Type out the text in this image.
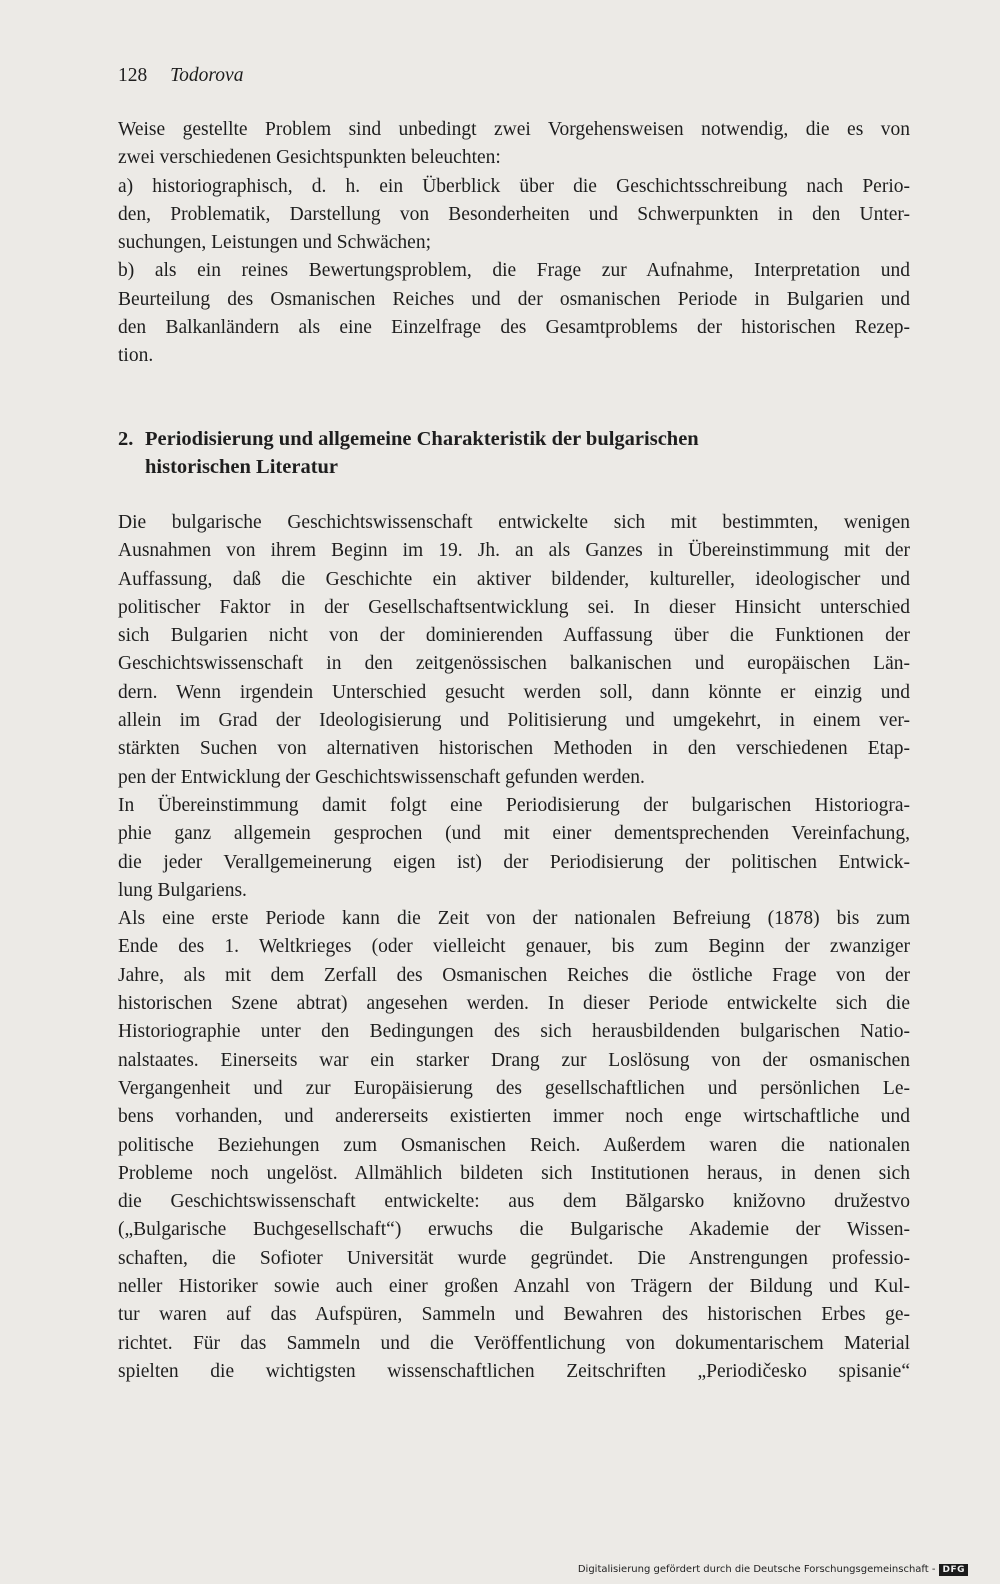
128 Todorova
Weise gestellte Problem sind unbedingt zwei Vorgehensweisen notwendig, die es von
zwei verschiedenen Gesichtspunkten beleuchten:
a) historiographisch, d. h. ein Überblick über die Geschichtsschreibung nach Perio-
den, Problematik, Darstellung von Besonderheiten und Schwerpunkten in den Unter-
suchungen, Leistungen und Schwächen;
b) als ein reines Bewertungsproblem, die Frage zur Aufnahme, Interpretation und
Beurteilung des Osmanischen Reiches und der osmanischen Periode in Bulgarien und
den Balkanländern als eine Einzelfrage des Gesamtproblems der historischen Rezep-
tion.
2. Periodisierung und allgemeine Charakteristik der bulgarischen
historischen Literatur
Die bulgarische Geschichtswissenschaft entwickelte sich mit bestimmten, wenigen
Ausnahmen von ihrem Beginn im 19. Jh. an als Ganzes in Übereinstimmung mit der
Auffassung, daß die Geschichte ein aktiver bildender, kultureller, ideologischer und
politischer Faktor in der Gesellschaftsentwicklung sei. In dieser Hinsicht unterschied
sich Bulgarien nicht von der dominierenden Auffassung über die Funktionen der
Geschichtswissenschaft in den zeitgenössischen balkanischen und europäischen Län-
dern. Wenn irgendein Unterschied gesucht werden soll, dann könnte er einzig und
allein im Grad der Ideologisierung und Politisierung und umgekehrt, in einem ver-
stärkten Suchen von alternativen historischen Methoden in den verschiedenen Etap-
pen der Entwicklung der Geschichtswissenschaft gefunden werden.
In Übereinstimmung damit folgt eine Periodisierung der bulgarischen Historiogra-
phie ganz allgemein gesprochen (und mit einer dementsprechenden Vereinfachung,
die jeder Verallgemeinerung eigen ist) der Periodisierung der politischen Entwick-
lung Bulgariens.
Als eine erste Periode kann die Zeit von der nationalen Befreiung (1878) bis zum
Ende des 1. Weltkrieges (oder vielleicht genauer, bis zum Beginn der zwanziger
Jahre, als mit dem Zerfall des Osmanischen Reiches die östliche Frage von der
historischen Szene abtrat) angesehen werden. In dieser Periode entwickelte sich die
Historiographie unter den Bedingungen des sich herausbildenden bulgarischen Natio-
nalstaates. Einerseits war ein starker Drang zur Loslösung von der osmanischen
Vergangenheit und zur Europäisierung des gesellschaftlichen und persönlichen Le-
bens vorhanden, und andererseits existierten immer noch enge wirtschaftliche und
politische Beziehungen zum Osmanischen Reich. Außerdem waren die nationalen
Probleme noch ungelöst. Allmählich bildeten sich Institutionen heraus, in denen sich
die Geschichtswissenschaft entwickelte: aus dem Bălgarsko knižovno družestvo
(„Bulgarische Buchgesellschaft“) erwuchs die Bulgarische Akademie der Wissen-
schaften, die Sofioter Universität wurde gegründet. Die Anstrengungen professio-
neller Historiker sowie auch einer großen Anzahl von Trägern der Bildung und Kul-
tur waren auf das Aufspüren, Sammeln und Bewahren des historischen Erbes ge-
richtet. Für das Sammeln und die Veröffentlichung von dokumentarischem Material
spielten die wichtigsten wissenschaftlichen Zeitschriften „Periodičesko spisanie“
Digitalisierung gefördert durch die Deutsche Forschungsgemeinschaft - DFG
